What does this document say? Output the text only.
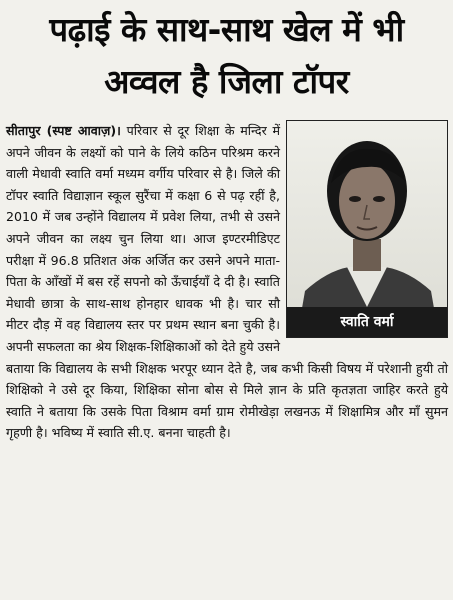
पढ़ाई के साथ-साथ खेल में भी
अव्वल है जिला टॉपर
स्वाति वर्मा
सीतापुर (स्पष्ट आवाज़)। परिवार से दूर शिक्षा के मन्दिर में अपने जीवन के लक्ष्यों को पाने के लिये कठिन परिश्रम करने वाली मेधावी स्वाति वर्मा मध्यम वर्गीय परिवार से है। जिले की टॉपर स्वाति विद्याज्ञान स्कूल सुरैंचा में कक्षा 6 से पढ़ रहीं है, 2010 में जब उन्होंने विद्यालय में प्रवेश लिया, तभी से उसने अपने जीवन का लक्ष्य चुन लिया था। आज इण्टरमीडिएट परीक्षा में 96.8 प्रतिशत अंक अर्जित कर उसने अपने माता-पिता के आँखों में बस रहें सपनो को ऊँचाईयाँ दे दी है। स्वाति मेधावी छात्रा के साथ-साथ होनहार धावक भी है। चार सौ मीटर दौड़ में वह विद्यालय स्तर पर प्रथम स्थान बना चुकी है। अपनी सफलता का श्रेय शिक्षक-शिक्षिकाओं को देते हुये उसने बताया कि विद्यालय के सभी शिक्षक भरपूर ध्यान देते है, जब कभी किसी विषय में परेशानी हुयी तो शिक्षिको ने उसे दूर किया, शिक्षिका सोना बोस से मिले ज्ञान के प्रति कृतज्ञता जाहिर करते हुये स्वाति ने बताया कि उसके पिता विश्राम वर्मा ग्राम रोमीखेड़ा लखनऊ में शिक्षामित्र और माँ सुमन गृहणी है। भविष्य में स्वाति सी.ए. बनना चाहती है।
